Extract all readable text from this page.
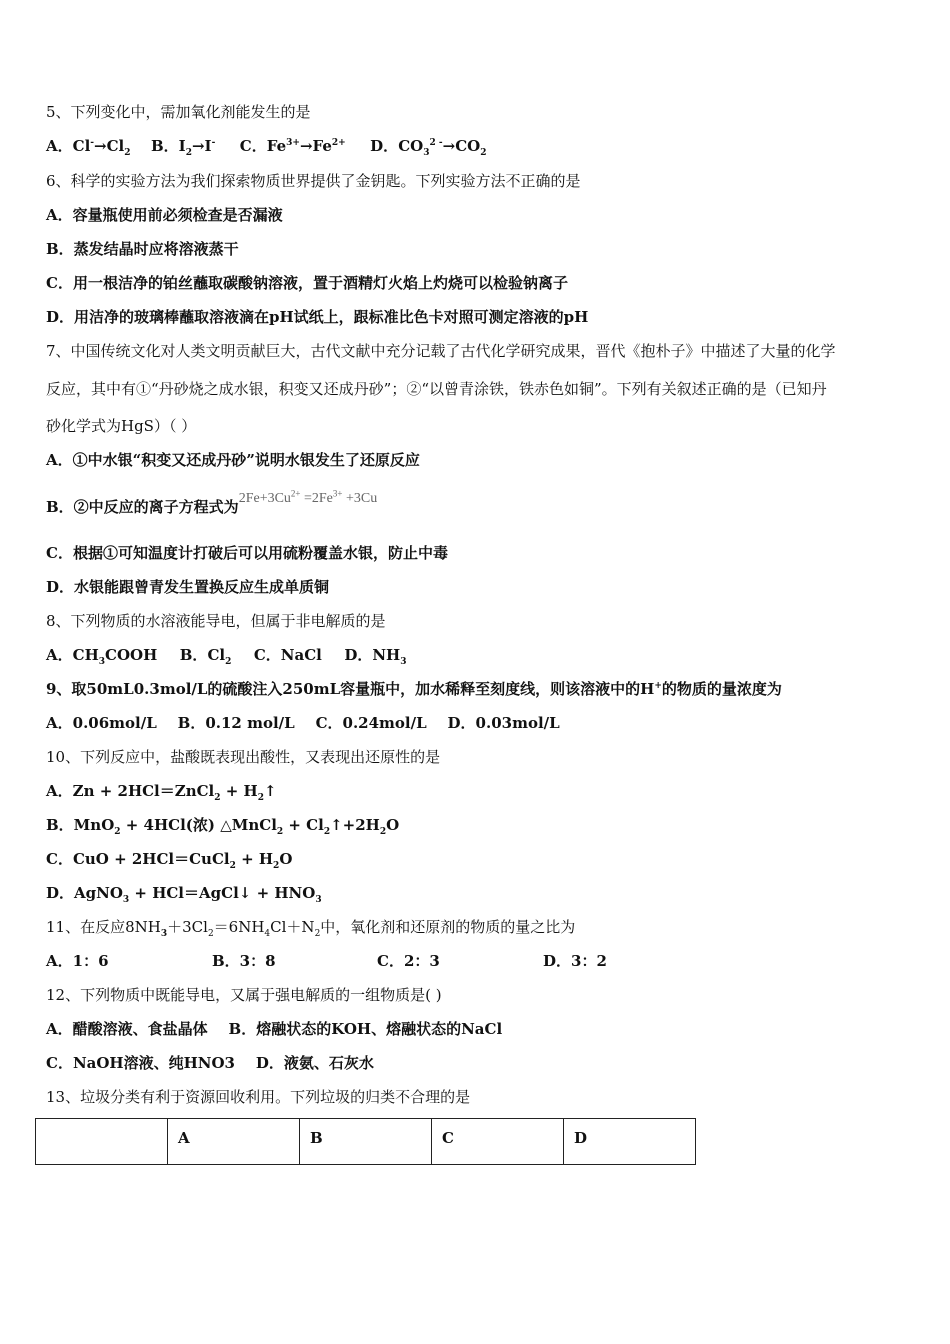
5、下列变化中，需加氧化剂能发生的是
A．$Cl^-\to Cl_2$ B．$I_2\to I^-$ C．$Fe^{3+}\to Fe^{2+}$ D．$CO_3^{2 -}\to CO_2$
6、科学的实验方法为我们探索物质世界提供了金钥匙。下列实验方法不正确的是
A．容量瓶使用前必须检查是否漏液
B．蒸发结晶时应将溶液蒸干
C．用一根洁净的铂丝蘸取碳酸钠溶液，置于酒精灯火焰上灼烧可以检验钠离子
D．用洁净的玻璃棒蘸取溶液滴在pH试纸上，跟标准比色卡对照可测定溶液的pH
7、中国传统文化对人类文明贡献巨大，古代文献中充分记载了古代化学研究成果，晋代《抱朴子》中描述了大量的化学
反应，其中有①“丹砂烧之成水银，积变又还成丹砂”；②“以曾青涂铁，铁赤色如铜”。下列有关叙述正确的是（已知丹
砂化学式为HgS）（ ）
A．①中水银“积变又还成丹砂”说明水银发生了还原反应
B．②中反应的离子方程式为$2Fe+3Cu^{2+} =2Fe^{3+} +3Cu$
C．根据①可知温度计打破后可以用硫粉覆盖水银，防止中毒
D．水银能跟曾青发生置换反应生成单质铜
8、下列物质的水溶液能导电，但属于非电解质的是
A．$CH_3COOH$ B．$Cl_2$ C．NaCl D．$NH_3$
9、取50mL0.3mol/L的硫酸注入250mL容量瓶中，加水稀释至刻度线，则该溶液中的H+的物质的量浓度为
A．0.06mol/L    B．0.12 mol/L    C．0.24mol/L    D．0.03mol/L
10、下列反应中，盐酸既表现出酸性，又表现出还原性的是
A．Zn + 2HCl＝ZnCl$_2$ + $H_2↑$
B．MnO$_2$ + 4HCl(浓) △MnCl$_2$ + $Cl_2↑+2H_2O$
C．CuO + 2HCl＝CuCl$_2$ + $H_2O$
D．AgNO$_3$ + HCl＝AgCl↓ + $HNO_3$
11、在反应$8NH_3+3Cl_2=6NH_4Cl+N_2$中，氧化剂和还原剂的物质的量之比为
A．1：6	B．3：8	C．2：3	D．3：2
12、下列物质中既能导电，又属于强电解质的一组物质是( )
A．醋酸溶液、食盐晶体    B．熔融状态的KOH、熔融状态的NaCl
C．NaOH溶液、纯HNO3    D．液氨、石灰水
13、垃圾分类有利于资源回收利用。下列垃圾的归类不合理的是
	A	B	C	D
